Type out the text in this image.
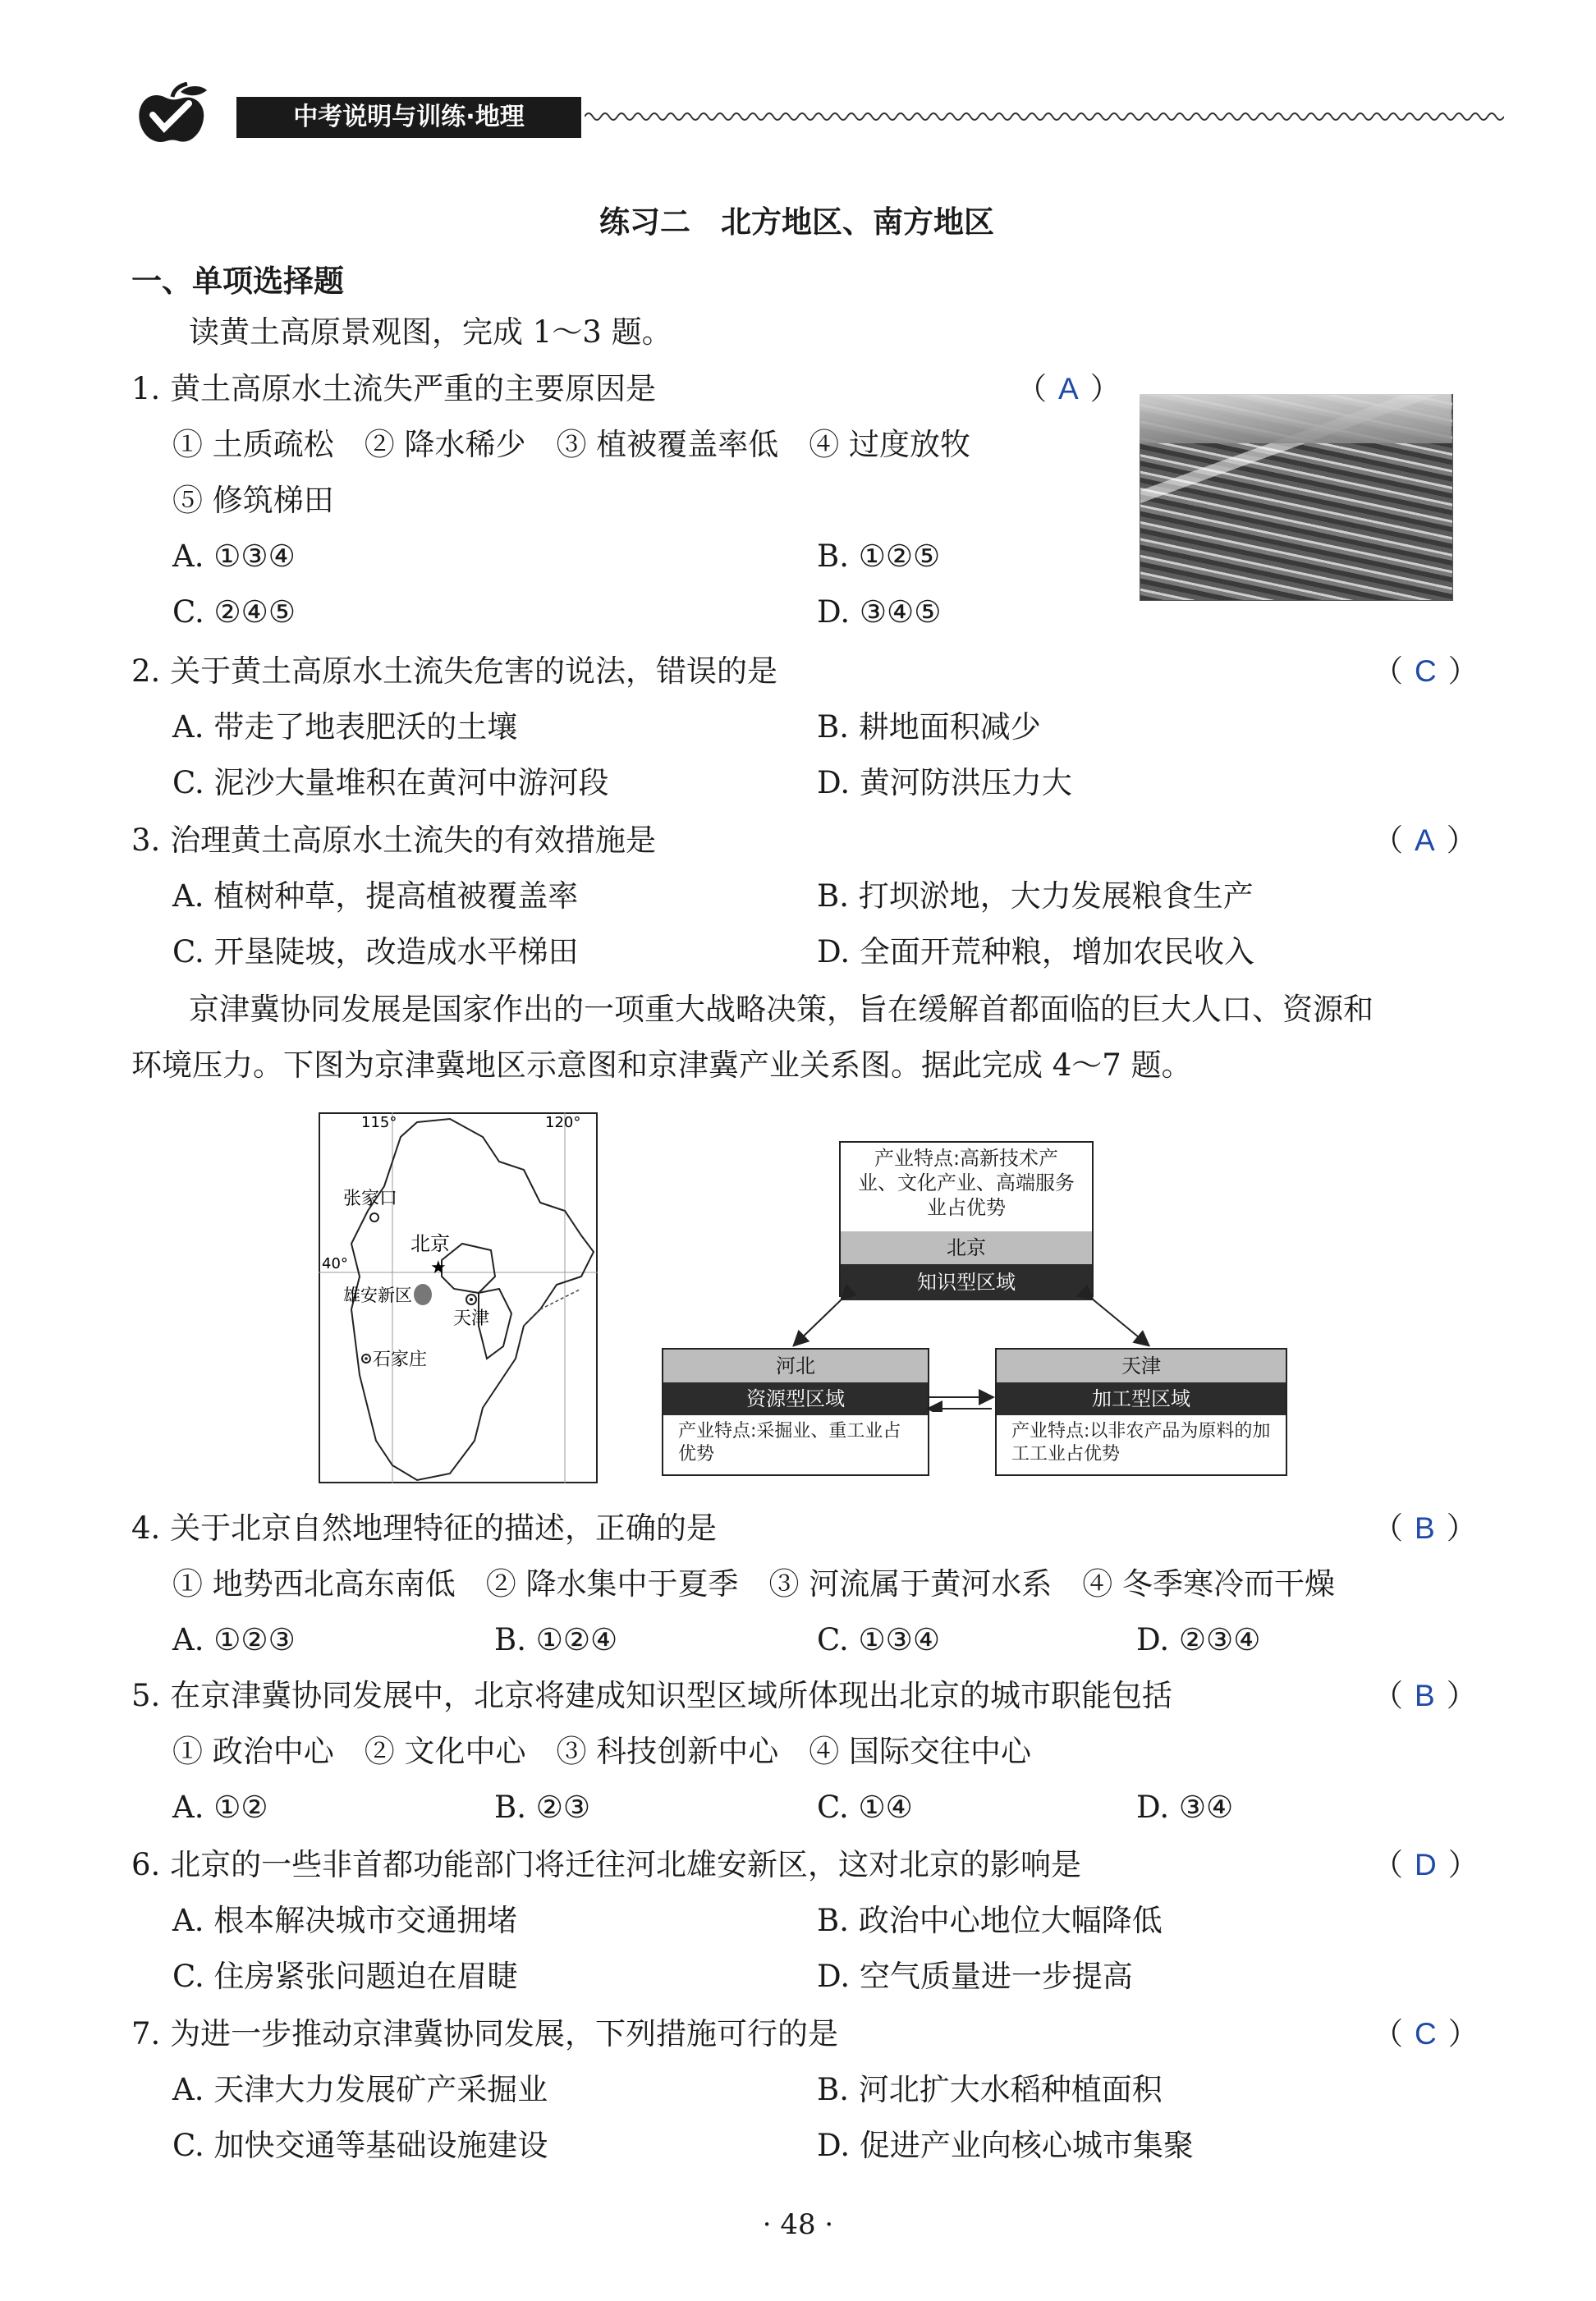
中考说明与训练·地理
练习二　北方地区、南方地区
一、单项选择题
读黄土高原景观图，完成 1～3 题。
1. 黄土高原水土流失严重的主要原因是	（ A ）
① 土质疏松　② 降水稀少　③ 植被覆盖率低　④ 过度放牧
⑤ 修筑梯田
A. ①③④	B. ①②⑤
C. ②④⑤	D. ③④⑤
2. 关于黄土高原水土流失危害的说法，错误的是	（ C ）
A. 带走了地表肥沃的土壤	B. 耕地面积减少
C. 泥沙大量堆积在黄河中游河段	D. 黄河防洪压力大
3. 治理黄土高原水土流失的有效措施是	（ A ）
A. 植树种草，提高植被覆盖率	B. 打坝淤地，大力发展粮食生产
C. 开垦陡坡，改造成水平梯田	D. 全面开荒种粮，增加农民收入
京津冀协同发展是国家作出的一项重大战略决策，旨在缓解首都面临的巨大人口、资源和
环境压力。下图为京津冀地区示意图和京津冀产业关系图。据此完成 4～7 题。
115°	120°
40°
张家口
北京
★
雄安新区
天津
石家庄
产业特点:高新技术产业、文化产业、高端服务业占优势
北京
知识型区域
河北
资源型区域
产业特点:采掘业、重工业占优势
天津
加工型区域
产业特点:以非农产品为原料的加工工业占优势
4. 关于北京自然地理特征的描述，正确的是	（ B ）
① 地势西北高东南低　② 降水集中于夏季　③ 河流属于黄河水系　④ 冬季寒冷而干燥
A. ①②③	B. ①②④	C. ①③④	D. ②③④
5. 在京津冀协同发展中，北京将建成知识型区域所体现出北京的城市职能包括	（ B ）
① 政治中心　② 文化中心　③ 科技创新中心　④ 国际交往中心
A. ①②	B. ②③	C. ①④	D. ③④
6. 北京的一些非首都功能部门将迁往河北雄安新区，这对北京的影响是	（ D ）
A. 根本解决城市交通拥堵	B. 政治中心地位大幅降低
C. 住房紧张问题迫在眉睫	D. 空气质量进一步提高
7. 为进一步推动京津冀协同发展，下列措施可行的是	（ C ）
A. 天津大力发展矿产采掘业	B. 河北扩大水稻种植面积
C. 加快交通等基础设施建设	D. 促进产业向核心城市集聚
· 48 ·
